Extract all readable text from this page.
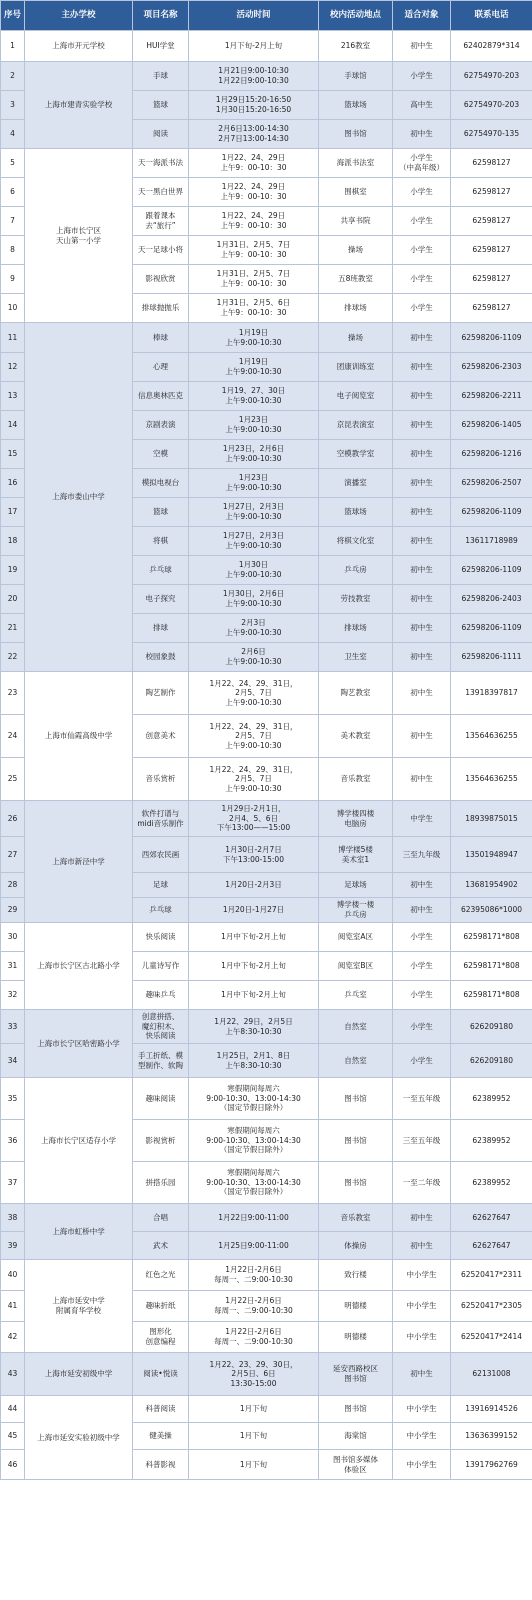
序号	主办学校	项目名称	活动时间	校内活动地点	适合对象	联系电话
1	上海市开元学校	HUI学堂	1月下旬-2月上旬	216教室	初中生	62402879*314
2	上海市建青实验学校	手球	1月21日9:00-10:30
1月22日9:00-10:30	手球馆	小学生	62754970-203
3		篮球	1月29日15:20-16:50
1月30日15:20-16:50	篮球场	高中生	62754970-203
4		阅读	2月6日13:00-14:30
2月7日13:00-14:30	图书馆	初中生	62754970-135
5	上海市长宁区
天山第一小学	天一海派书法	1月22、24、29日
上午9：00-10：30	海派书法室	小学生
（中高年级）	62598127
6		天一黑白世界	1月22、24、29日
上午9：00-10：30	围棋室	小学生	62598127
7		跟着课本
去“旅行”	1月22、24、29日
上午9：00-10：30	共享书院	小学生	62598127
8		天一足球小将	1月31日、2月5、7日
上午9：00-10：30	操场	小学生	62598127
9		影视欣赏	1月31日、2月5、7日
上午9：00-10：30	五8班教室	小学生	62598127
10		排球抛抛乐	1月31日、2月5、6日
上午9：00-10：30	排球场	小学生	62598127
11	上海市娄山中学	棒球	1月19日
上午9:00-10:30	操场	初中生	62598206-1109
12		心理	1月19日
上午9:00-10:30	团康训练室	初中生	62598206-2303
13		信息奥林匹克	1月19、27、30日
上午9:00-10:30	电子阅览室	初中生	62598206-2211
14		京剧表演	1月23日
上午9:00-10:30	京昆表演室	初中生	62598206-1405
15		空模	1月23日，2月6日
上午9:00-10:30	空模教学室	初中生	62598206-1216
16		模拟电视台	1月23日
上午9:00-10:30	演播室	初中生	62598206-2507
17		篮球	1月27日，2月3日
上午9:00-10:30	篮球场	初中生	62598206-1109
18		将棋	1月27日，2月3日
上午9:00-10:30	将棋文化室	初中生	13611718989
19		乒乓球	1月30日
上午9:00-10:30	乒乓房	初中生	62598206-1109
20		电子探究	1月30日，2月6日
上午9:00-10:30	劳技教室	初中生	62598206-2403
21		排球	2月3日
上午9:00-10:30	排球场	初中生	62598206-1109
22		校园象鼓	2月6日
上午9:00-10:30	卫生室	初中生	62598206-1111
23	上海市仙霞高级中学	陶艺制作	1月22、24、29、31日，
2月5、7日
上午9:00-10:30	陶艺教室	初中生	13918397817
24		创意美术	1月22、24、29、31日，
2月5、7日
上午9:00-10:30	美术教室	初中生	13564636255
25		音乐赏析	1月22、24、29、31日，
2月5、7日
上午9:00-10:30	音乐教室	初中生	13564636255
26	上海市新泾中学	软件打谱与
midi音乐制作	1月29日-2月1日，
2月4、5、6日
下午13:00——15:00	博学楼四楼
电脑房	中学生	18939875015
27		西郊农民画	1月30日-2月7日
下午13:00-15:00	博学楼5楼
美术室1	三至九年级	13501948947
28		足球	1月20日-2月3日	足球场	初中生	13681954902
29		乒乓球	1月20日-1月27日	博学楼一楼
乒乓房	初中生	62395086*1000
30	上海市长宁区古北路小学	快乐阅读	1月中下旬-2月上旬	阅览室A区	小学生	62598171*808
31		儿童诗写作	1月中下旬-2月上旬	阅览室B区	小学生	62598171*808
32		趣味乒乓	1月中下旬-2月上旬	乒乓室	小学生	62598171*808
33	上海市长宁区哈密路小学	创意拼搭、
魔幻积木、
快乐阅读	1月22、29日，2月5日
上午8:30-10:30	自然室	小学生	626209180
34		手工折纸、模
型制作、软陶	1月25日，2月1、8日
上午8:30-10:30	自然室	小学生	626209180
35	上海市长宁区适存小学	趣味阅读	寒假期间每周六
9:00-10:30、13:00-14:30
（国定节假日除外）	图书馆	一至五年级	62389952
36		影视赏析	寒假期间每周六
9:00-10:30、13:00-14:30
（国定节假日除外）	图书馆	三至五年级	62389952
37		拼搭乐园	寒假期间每周六
9:00-10:30、13:00-14:30
（国定节假日除外）	图书馆	一至二年级	62389952
38	上海市虹桥中学	合唱	1月22日9:00-11:00	音乐教室	初中生	62627647
39		武术	1月25日9:00-11:00	体操房	初中生	62627647
40	上海市延安中学
附属育华学校	红色之光	1月22日-2月6日
每周一、二9:00-10:30	致行楼	中小学生	62520417*2311
41		趣味折纸	1月22日-2月6日
每周一、二9:00-10:30	明德楼	中小学生	62520417*2305
42		图形化
创意编程	1月22日-2月6日
每周一、二9:00-10:30	明德楼	中小学生	62520417*2414
43	上海市延安初级中学	阅读•悦读	1月22、23、29、30日，
2月5日、6日
13:30-15:00	延安西路校区
图书馆	初中生	62131008
44	上海市延安实验初级中学	科普阅读	1月下旬	图书馆	中小学生	13916914526
45		健美操	1月下旬	海棠馆	中小学生	13636399152
46		科普影视	1月下旬	图书馆多媒体
体验区	中小学生	13917962769
